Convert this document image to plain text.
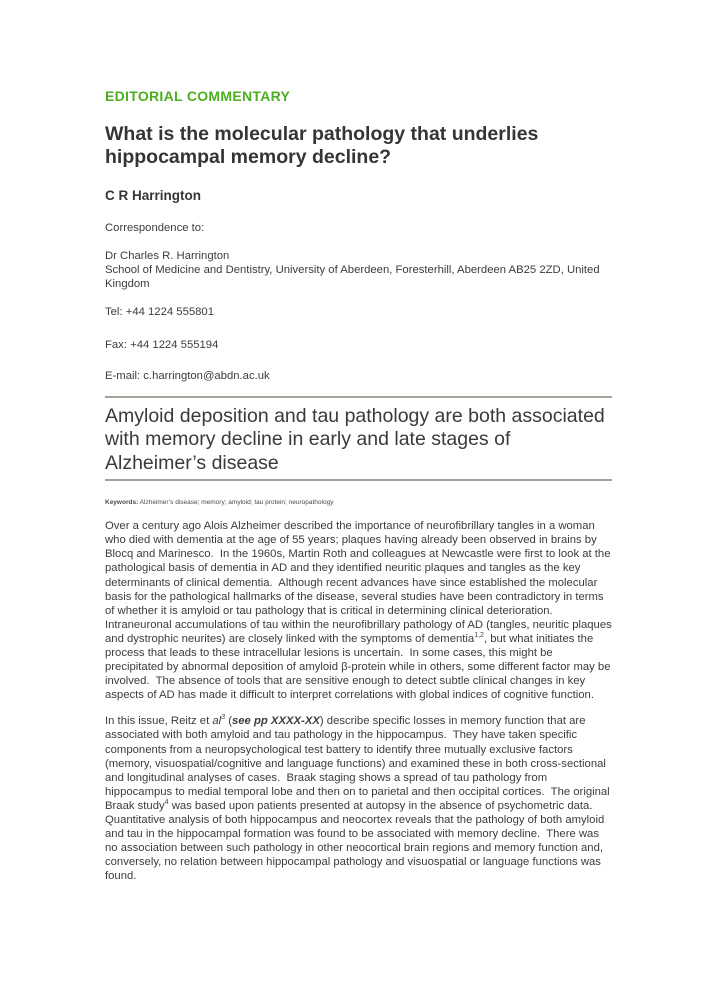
EDITORIAL COMMENTARY

What is the molecular pathology that underlies hippocampal memory decline?

C R Harrington

Correspondence to:

Dr Charles R. Harrington
School of Medicine and Dentistry, University of Aberdeen, Foresterhill, Aberdeen AB25 2ZD, United Kingdom

Tel: +44 1224 555801

Fax: +44 1224 555194

E-mail: c.harrington@abdn.ac.uk

Amyloid deposition and tau pathology are both associated with memory decline in early and late stages of Alzheimer’s disease

Keywords: Alzheimer’s disease; memory; amyloid; tau protein; neuropathology

Over a century ago Alois Alzheimer described the importance of neurofibrillary tangles in a woman who died with dementia at the age of 55 years; plaques having already been observed in brains by Blocq and Marinesco.  In the 1960s, Martin Roth and colleagues at Newcastle were first to look at the pathological basis of dementia in AD and they identified neuritic plaques and tangles as the key determinants of clinical dementia.  Although recent advances have since established the molecular basis for the pathological hallmarks of the disease, several studies have been contradictory in terms of whether it is amyloid or tau pathology that is critical in determining clinical deterioration.  Intraneuronal accumulations of tau within the neurofibrillary pathology of AD (tangles, neuritic plaques and dystrophic neurites) are closely linked with the symptoms of dementia$^{1,2}$, but what initiates the process that leads to these intracellular lesions is uncertain.  In some cases, this might be precipitated by abnormal deposition of amyloid β-protein while in others, some different factor may be involved.  The absence of tools that are sensitive enough to detect subtle clinical changes in key aspects of AD has made it difficult to interpret correlations with global indices of cognitive function.

In this issue, Reitz et $al^3$ (see pp XXXX-XX) describe specific losses in memory function that are associated with both amyloid and tau pathology in the hippocampus.  They have taken specific components from a neuropsychological test battery to identify three mutually exclusive factors (memory, visuospatial/cognitive and language functions) and examined these in both cross-sectional and longitudinal analyses of cases.  Braak staging shows a spread of tau pathology from hippocampus to medial temporal lobe and then on to parietal and then occipital cortices.  The original Braak study$^4$ was based upon patients presented at autopsy in the absence of psychometric data.  Quantitative analysis of both hippocampus and neocortex reveals that the pathology of both amyloid and tau in the hippocampal formation was found to be associated with memory decline.  There was no association between such pathology in other neocortical brain regions and memory function and, conversely, no relation between hippocampal pathology and visuospatial or language functions was found.
